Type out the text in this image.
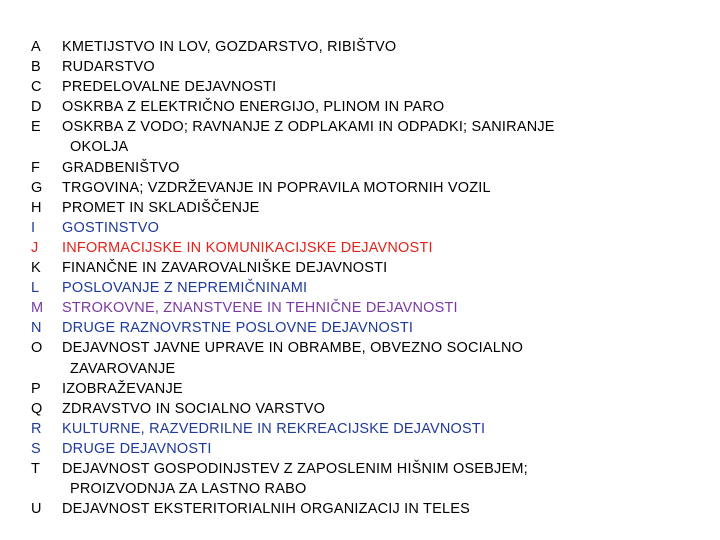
A	KMETIJSTVO IN LOV, GOZDARSTVO, RIBIŠTVO
B	RUDARSTVO
C	PREDELOVALNE DEJAVNOSTI
D	OSKRBA Z ELEKTRIČNO ENERGIJO, PLINOM IN PARO
E	OSKRBA Z VODO; RAVNANJE Z ODPLAKAMI IN ODPADKI; SANIRANJE
OKOLJA
F	GRADBENIŠTVO
G	TRGOVINA; VZDRŽEVANJE IN POPRAVILA MOTORNIH VOZIL
H	PROMET IN SKLADIŠČENJE
I	GOSTINSTVO
J	INFORMACIJSKE IN KOMUNIKACIJSKE DEJAVNOSTI
K	FINANČNE IN ZAVAROVALNIŠKE DEJAVNOSTI
L	POSLOVANJE Z NEPREMIČNINAMI
M	STROKOVNE, ZNANSTVENE IN TEHNIČNE DEJAVNOSTI
N	DRUGE RAZNOVRSTNE POSLOVNE DEJAVNOSTI
O	DEJAVNOST JAVNE UPRAVE IN OBRAMBE, OBVEZNO SOCIALNO
ZAVAROVANJE
P	IZOBRAŽEVANJE
Q	ZDRAVSTVO IN SOCIALNO VARSTVO
R	KULTURNE, RAZVEDRILNE IN REKREACIJSKE DEJAVNOSTI
S	DRUGE DEJAVNOSTI
T	DEJAVNOST GOSPODINJSTEV Z ZAPOSLENIM HIŠNIM OSEBJEM;
PROIZVODNJA ZA LASTNO RABO
U	DEJAVNOST EKSTERITORIALNIH ORGANIZACIJ IN TELES
